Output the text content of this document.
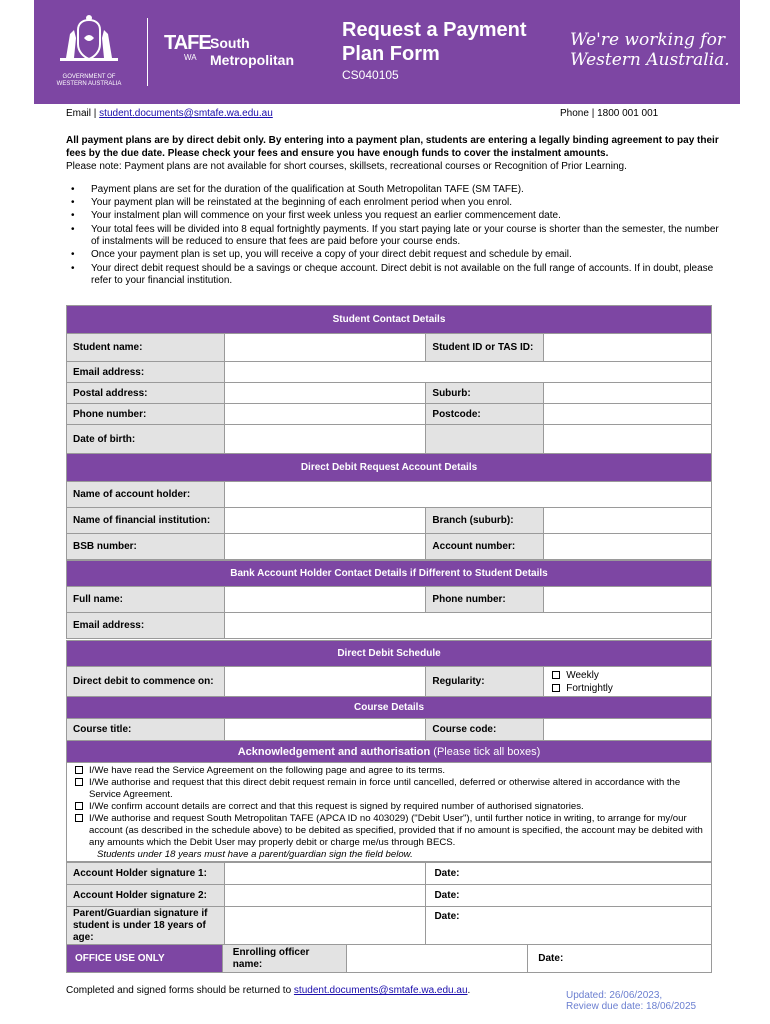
GOVERNMENT OF WESTERN AUSTRALIA
TAFE
WA
South
Metropolitan
Request a Payment
Plan Form
CS040105
We're working for
Western Australia.
Email | student.documents@smtafe.wa.edu.au	Phone | 1800 001 001
All payment plans are by direct debit only. By entering into a payment plan, students are entering a legally binding agreement to pay their fees by the due date. Please check your fees and ensure you have enough funds to cover the instalment amounts.
Please note: Payment plans are not available for short courses, skillsets, recreational courses or Recognition of Prior Learning.
• Payment plans are set for the duration of the qualification at South Metropolitan TAFE (SM TAFE).
• Your payment plan will be reinstated at the beginning of each enrolment period when you enrol.
• Your instalment plan will commence on your first week unless you request an earlier commencement date.
• Your total fees will be divided into 8 equal fortnightly payments. If you start paying late or your course is shorter than the semester, the number of instalments will be reduced to ensure that fees are paid before your course ends.
• Once your payment plan is set up, you will receive a copy of your direct debit request and schedule by email.
• Your direct debit request should be a savings or cheque account. Direct debit is not available on the full range of accounts. If in doubt, please refer to your financial institution.
Student Contact Details			
Student name:		Student ID or TAS ID:	
Email address:			
Postal address:		Suburb:	
Phone number:		Postcode:	
Date of birth:			
Direct Debit Request Account Details			
Name of account holder:			
Name of financial institution:		Branch (suburb):	
BSB number:		Account number:	
Bank Account Holder Contact Details if Different to Student Details			
Full name:		Phone number:	
Email address:			
Direct Debit Schedule
Direct debit to commence on:		Regularity:	
Weekly
Fortnightly
Course Details
Course title:		Course code:	
Acknowledgement and authorisation (Please tick all boxes)

I/We have read the Service Agreement on the following page and agree to its terms.

I/We authorise and request that this direct debit request remain in force until cancelled, deferred or otherwise altered in accordance with the Service Agreement.

I/We confirm account details are correct and that this request is signed by required number of authorised signatories.

I/We authorise and request South Metropolitan TAFE (APCA ID no 403029) ("Debit User"), until further notice in writing, to arrange for my/our account (as described in the schedule above) to be debited as specified, provided that if no amount is specified, the account may be debited with any amounts which the Debit User may properly debit or charge me/us through BECS.

Students under 18 years must have a parent/guardian sign the field below.
Account Holder signature 1:		Date:
Account Holder signature 2:		Date:
Parent/Guardian signature if student is under 18 years of age:		Date:
OFFICE USE ONLY	Enrolling officer name:		Date:
Completed and signed forms should be returned to student.documents@smtafe.wa.edu.au.	Updated: 26/06/2023,
Review due date: 18/06/2025
